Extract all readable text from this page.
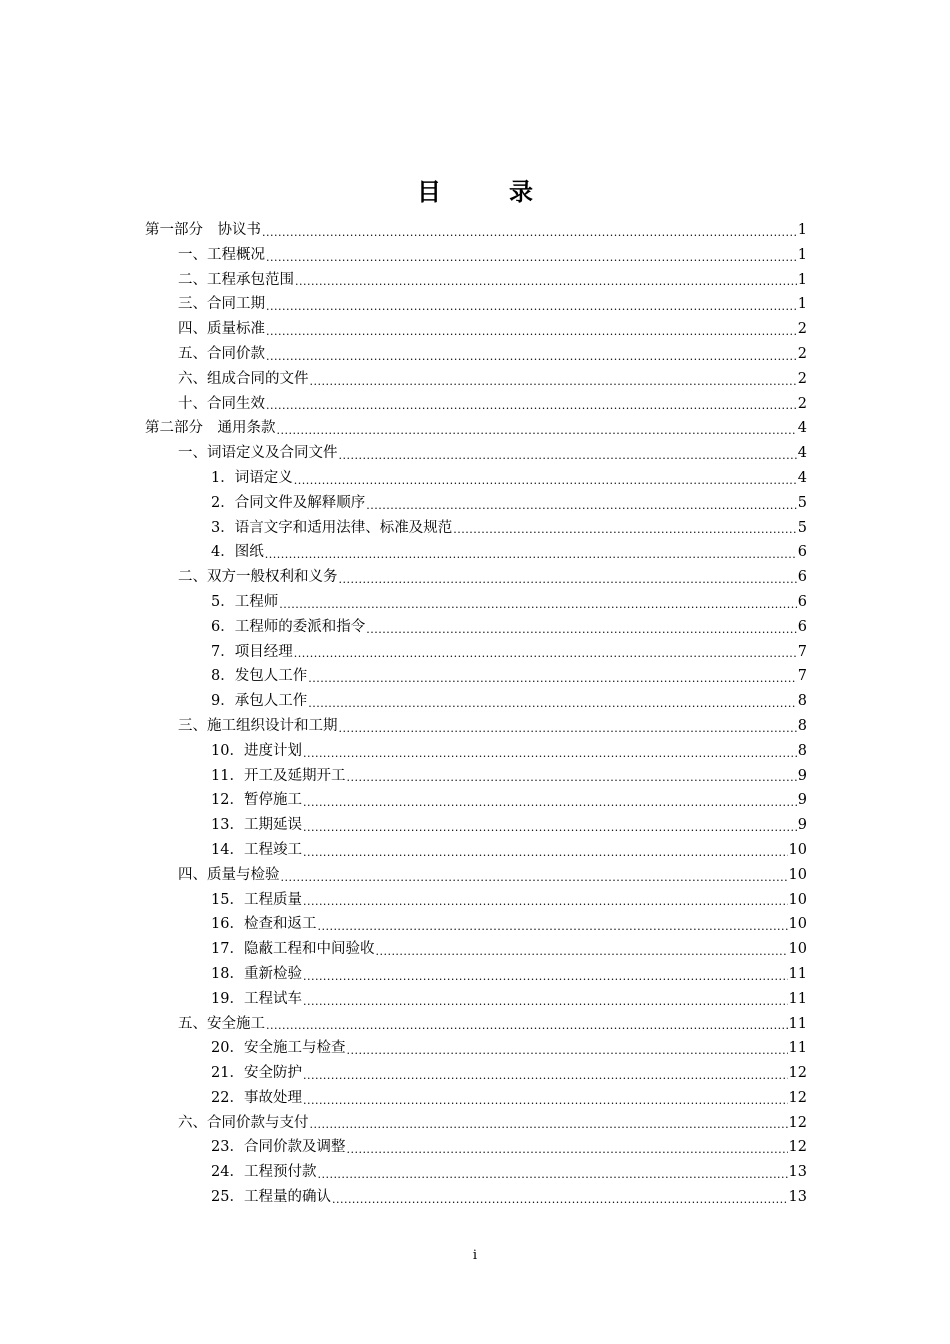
目　录
第一部分　协议书 .....	1
一、工程概况 .....	1
二、工程承包范围 .....	1
三、合同工期 .....	1
四、质量标准 .....	2
五、合同价款 .....	2
六、组成合同的文件 .....	2
十、合同生效 .....	2
第二部分　通用条款 .....	4
一、词语定义及合同文件 .....	4
1．词语定义 .....	4
2．合同文件及解释顺序 .....	5
3．语言文字和适用法律、标准及规范 .....	5
4．图纸 .....	6
二、双方一般权利和义务 .....	6
5．工程师 .....	6
6．工程师的委派和指令 .....	6
7．项目经理 .....	7
8．发包人工作 .....	7
9．承包人工作 .....	8
三、施工组织设计和工期 .....	8
10．进度计划 .....	8
11．开工及延期开工 .....	9
12．暂停施工 .....	9
13．工期延误 .....	9
14．工程竣工 .....	10
四、质量与检验 .....	10
15．工程质量 .....	10
16．检查和返工 .....	10
17．隐蔽工程和中间验收 .....	10
18．重新检验 .....	11
19．工程试车 .....	11
五、安全施工 .....	11
20．安全施工与检查 .....	11
21．安全防护 .....	12
22．事故处理 .....	12
六、合同价款与支付 .....	12
23．合同价款及调整 .....	12
24．工程预付款 .....	13
25．工程量的确认 .....	13
i
